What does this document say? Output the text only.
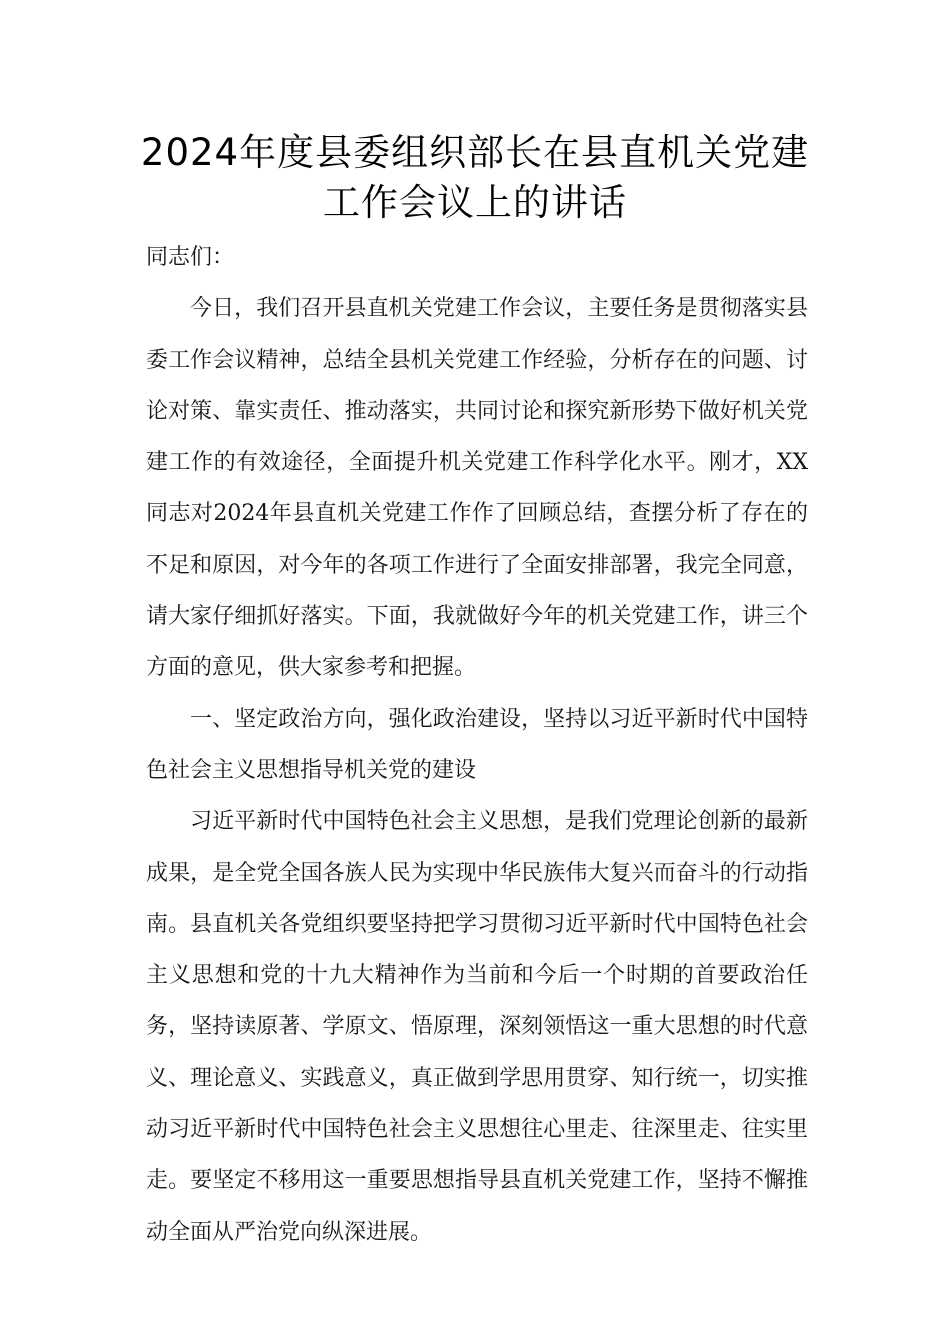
2024年度县委组织部长在县直机关党建
工作会议上的讲话

同志们：

今日，我们召开县直机关党建工作会议，主要任务是贯彻落实县委工作会议精神，总结全县机关党建工作经验，分析存在的问题、讨论对策、靠实责任、推动落实，共同讨论和探究新形势下做好机关党建工作的有效途径，全面提升机关党建工作科学化水平。刚才，XX同志对2024年县直机关党建工作作了回顾总结，查摆分析了存在的不足和原因，对今年的各项工作进行了全面安排部署，我完全同意，请大家仔细抓好落实。下面，我就做好今年的机关党建工作，讲三个方面的意见，供大家参考和把握。

一、坚定政治方向，强化政治建设，坚持以习近平新时代中国特色社会主义思想指导机关党的建设

习近平新时代中国特色社会主义思想，是我们党理论创新的最新成果，是全党全国各族人民为实现中华民族伟大复兴而奋斗的行动指南。县直机关各党组织要坚持把学习贯彻习近平新时代中国特色社会主义思想和党的十九大精神作为当前和今后一个时期的首要政治任务，坚持读原著、学原文、悟原理，深刻领悟这一重大思想的时代意义、理论意义、实践意义，真正做到学思用贯穿、知行统一，切实推动习近平新时代中国特色社会主义思想往心里走、往深里走、往实里走。要坚定不移用这一重要思想指导县直机关党建工作，坚持不懈推动全面从严治党向纵深进展。
